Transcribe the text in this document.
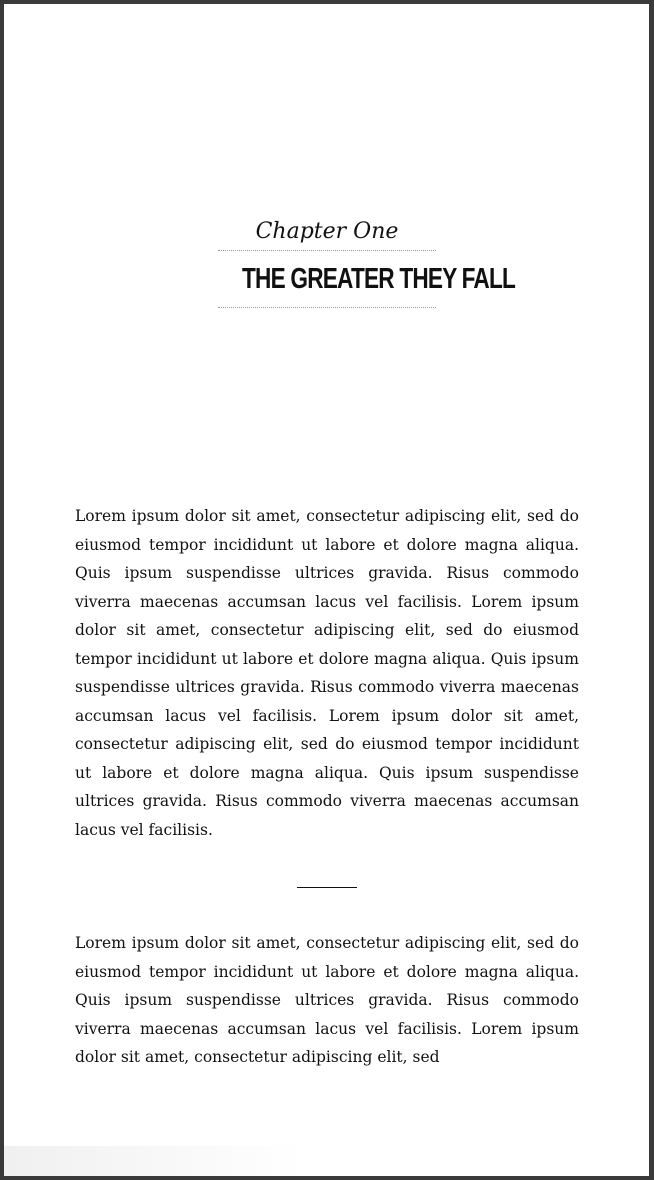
Chapter One
THE GREATER THEY FALL

Lorem ipsum dolor sit amet, consectetur adipiscing elit, sed do eiusmod tempor incididunt ut labore et dolore magna aliqua. Quis ipsum suspendisse ultrices gravida. Risus commodo viverra maecenas accumsan lacus vel facilisis. Lorem ipsum dolor sit amet, consectetur adipiscing elit, sed do eiusmod tempor incididunt ut labore et dolore magna aliqua. Quis ipsum suspendisse ultrices gravida. Risus commodo viverra maecenas accumsan lacus vel facilisis. Lorem ipsum dolor sit amet, consectetur adipiscing elit, sed do eiusmod tempor incididunt ut labore et dolore magna aliqua. Quis ipsum suspendisse ultrices gravida. Risus commodo viverra maecenas accumsan lacus vel facilisis.

Lorem ipsum dolor sit amet, consectetur adipiscing elit, sed do eiusmod tempor incididunt ut labore et dolore magna aliqua. Quis ipsum suspendisse ultrices gravida. Risus commodo viverra maecenas accumsan lacus vel facilisis. Lorem ipsum dolor sit amet, consectetur adipiscing elit, sed
